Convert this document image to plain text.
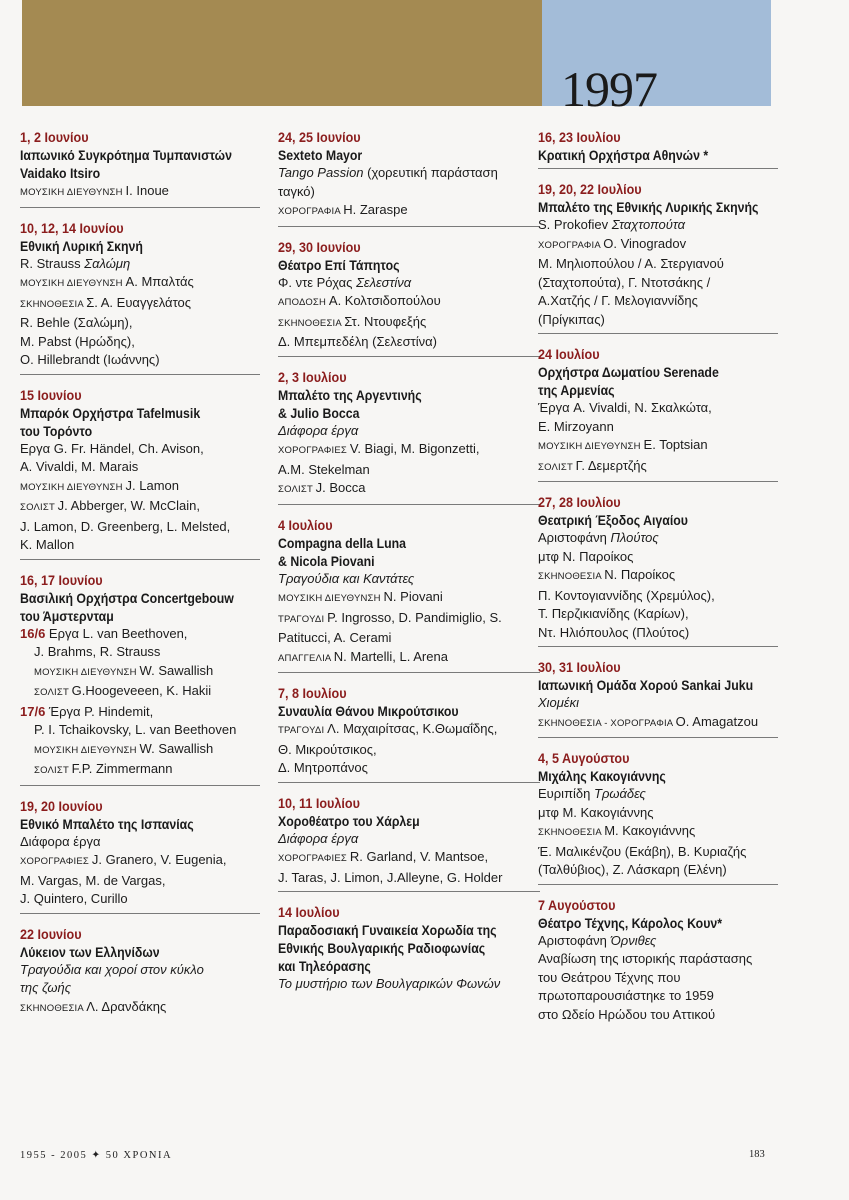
1997
1, 2 Ιουνίου
Ιαπωνικό Συγκρότημα Τυμπανιστών
Vaidako Itsiro
ΜΟΥΣΙΚΗ ΔΙΕΥΘΥΝΣΗ I. Inoue
10, 12, 14 Ιουνίου
Εθνική Λυρική Σκηνή
R. Strauss Σαλώμη
ΜΟΥΣΙΚΗ ΔΙΕΥΘΥΝΣΗ Α. Μπαλτάς
ΣΚΗΝΟΘΕΣΙΑ Σ. Α. Ευαγγελάτος
R. Behle (Σαλώμη),
M. Pabst (Ηρώδης),
O. Hillebrandt (Ιωάννης)
15 Ιουνίου
Μπαρόκ Ορχήστρα Tafelmusik
του Τορόντο
Εργα G. Fr. Händel, Ch. Avison,
A. Vivaldi, M. Marais
ΜΟΥΣΙΚΗ ΔΙΕΥΘΥΝΣΗ J. Lamon
ΣΟΛΙΣΤ J. Abberger, W. McClain,
J. Lamon, D. Greenberg, L. Melsted,
K. Mallon
16, 17 Ιουνίου
Βασιλική Ορχήστρα Concertgebouw
του Άμστερνταμ
16/6 Εργα L. van Beethoven,
J. Brahms, R. Strauss
ΜΟΥΣΙΚΗ ΔΙΕΥΘΥΝΣΗ W. Sawallish
ΣΟΛΙΣΤ G.Hoogeveeen, K. Hakii
17/6 Έργα P. Hindemit,
P. I. Tchaikovsky, L. van Beethoven
ΜΟΥΣΙΚΗ ΔΙΕΥΘΥΝΣΗ W. Sawallish
ΣΟΛΙΣΤ F.P. Zimmermann
19, 20 Ιουνίου
Εθνικό Μπαλέτο της Ισπανίας
Διάφορα έργα
ΧΟΡΟΓΡΑΦΙΕΣ J. Granero, V. Eugenia,
M. Vargas, M. de Vargas,
J. Quintero, Curillo
22 Ιουνίου
Λύκειον των Ελληνίδων
Τραγούδια και χοροί στον κύκλο
της ζωής
ΣΚΗΝΟΘΕΣΙΑ Λ. Δρανδάκης
24, 25 Ιουνίου
Sexteto Mayor
Tango Passion (χορευτική παράσταση
ταγκό)
ΧΟΡΟΓΡΑΦΙΑ H. Zaraspe
29, 30 Ιουνίου
Θέατρο Επί Τάπητος
Φ. ντε Ρόχας Σελεστίνα
ΑΠΟΔΟΣΗ Α. Κολτσιδοπούλου
ΣΚΗΝΟΘΕΣΙΑ Στ. Ντουφεξής
Δ. Μπεμπεδέλη (Σελεστίνα)
2, 3 Ιουλίου
Μπαλέτο της Αργεντινής
& Julio Bocca
Διάφορα έργα
ΧΟΡΟΓΡΑΦΙΕΣ V. Biagi, M. Bigonzetti,
A.M. Stekelman
ΣΟΛΙΣΤ J. Bocca
4 Ιουλίου
Compagna della Luna
& Nicola Piovani
Τραγούδια και Καντάτες
ΜΟΥΣΙΚΗ ΔΙΕΥΘΥΝΣΗ N. Piovani
ΤΡΑΓΟΥΔΙ P. Ingrosso, D. Pandimiglio, S.
Patitucci, A. Cerami
ΑΠΑΓΓΕΛΙΑ N. Martelli, L. Arena
7, 8 Ιουλίου
Συναυλία Θάνου Μικρούτσικου
ΤΡΑΓΟΥΔΙ Λ. Μαχαιρίτσας, Κ.Θωμαΐδης,
Θ. Μικρούτσικος,
Δ. Μητροπάνος
10, 11 Ιουλίου
Χοροθέατρο του Χάρλεμ
Διάφορα έργα
ΧΟΡΟΓΡΑΦΙΕΣ R. Garland, V. Mantsoe,
J. Taras, J. Limon, J.Alleyne, G. Holder
14 Ιουλίου
Παραδοσιακή Γυναικεία Χορωδία της
Εθνικής Βουλγαρικής Ραδιοφωνίας
και Τηλεόρασης
Το μυστήριο των Βουλγαρικών Φωνών
16, 23 Ιουλίου
Κρατική Ορχήστρα Αθηνών *
19, 20, 22 Ιουλίου
Μπαλέτο της Εθνικής Λυρικής Σκηνής
S. Prokofiev Σταχτοπούτα
ΧΟΡΟΓΡΑΦΙΑ O. Vinogradov
Μ. Μηλιοπούλου / Α. Στεργιανού
(Σταχτοπούτα), Γ. Ντοτσάκης /
Α.Χατζής / Γ. Μελογιαννίδης
(Πρίγκιπας)
24 Ιουλίου
Ορχήστρα Δωματίου Serenade
της Αρμενίας
Έργα A. Vivaldi, Ν. Σκαλκώτα,
E. Mirzoyann
ΜΟΥΣΙΚΗ ΔΙΕΥΘΥΝΣΗ E. Toptsian
ΣΟΛΙΣΤ Γ. Δεμερτζής
27, 28 Ιουλίου
Θεατρική Έξοδος Αιγαίου
Αριστοφάνη Πλούτος
μτφ Ν. Παρoίκος
ΣΚΗΝΟΘΕΣΙΑ Ν. Παροίκος
Π. Κοντογιαννίδης (Χρεμύλος),
Τ. Περζικιανίδης (Καρίων),
Ντ. Ηλιόπουλος (Πλούτος)
30, 31 Ιουλίου
Ιαπωνική Ομάδα Χορού Sankai Juku
Χιομέκι
ΣΚΗΝΟΘΕΣΙΑ - ΧΟΡΟΓΡΑΦΙΑ O. Amagatzou
4, 5 Αυγούστου
Μιχάλης Κακογιάννης
Ευριπίδη Τρωάδες
μτφ Μ. Κακογιάννης
ΣΚΗΝΟΘΕΣΙΑ Μ. Κακογιάννης
Έ. Μαλικένζου (Εκάβη), Β. Κυριαζής
(Ταλθύβιος), Ζ. Λάσκαρη (Ελένη)
7 Αυγούστου
Θέατρο Τέχνης, Κάρολος Κουν*
Αριστοφάνη Όρνιθες
Αναβίωση της ιστορικής παράστασης
του Θεάτρου Τέχνης που
πρωτοπαρουσιάστηκε το 1959
στο Ωδείο Ηρώδου του Αττικού
1955 - 2005 ✦ 50 ΧΡΟΝΙΑ	183
